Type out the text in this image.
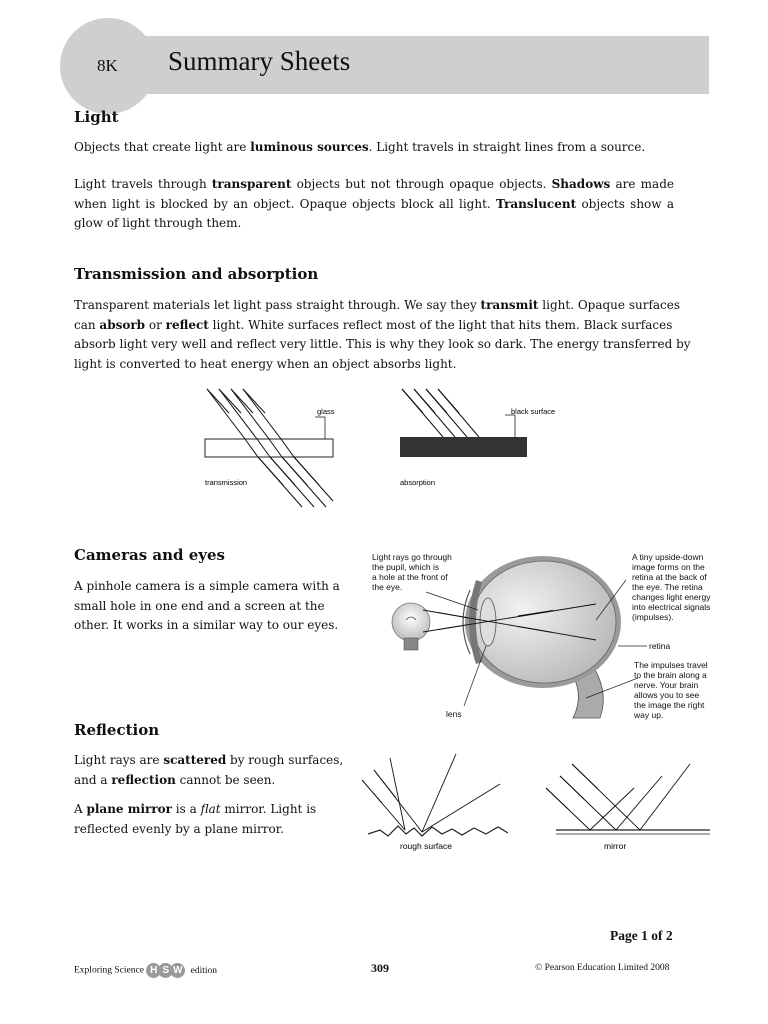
8K Summary Sheets
Light
Objects that create light are luminous sources. Light travels in straight lines from a source.
Light travels through transparent objects but not through opaque objects. Shadows are made when light is blocked by an object. Opaque objects block all light. Translucent objects show a glow of light through them.
Transmission and absorption
Transparent materials let light pass straight through. We say they transmit light. Opaque surfaces can absorb or reflect light. White surfaces reflect most of the light that hits them. Black surfaces absorb light very well and reflect very little. This is why they look so dark. The energy transferred by light is converted to heat energy when an object absorbs light.
glass
transmission
black surface
absorption
Cameras and eyes
A pinhole camera is a simple camera with a small hole in one end and a screen at the other. It works in a similar way to our eyes.
Light rays go through the pupil, which is a hole at the front of the eye.
A tiny upside-down image forms on the retina at the back of the eye. The retina changes light energy into electrical signals (impulses).
retina
The impulses travel to the brain along a nerve. Your brain allows you to see the image the right way up.
lens
Reflection
Light rays are scattered by rough surfaces, and a reflection cannot be seen.
A plane mirror is a flat mirror. Light is reflected evenly by a plane mirror.
rough surface	mirror
Page 1 of 2
Exploring Science H S W edition	309	© Pearson Education Limited 2008
